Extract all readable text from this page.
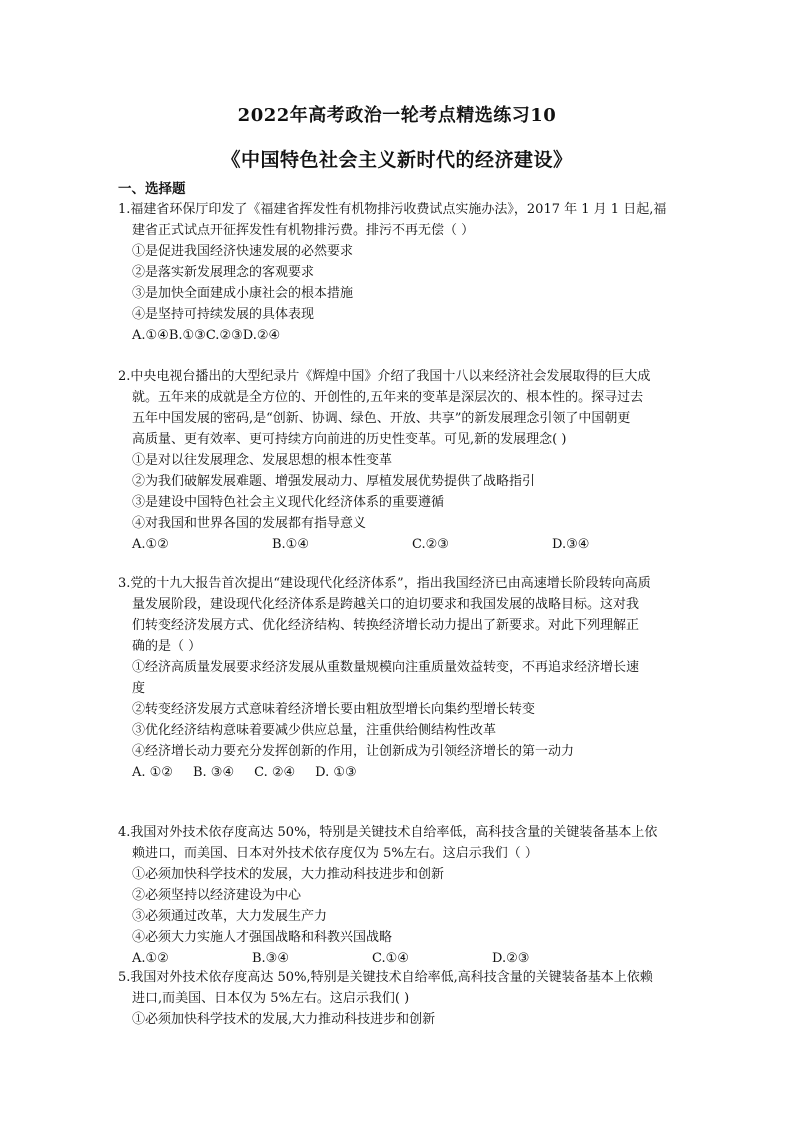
2022年高考政治一轮考点精选练习10
《中国特色社会主义新时代的经济建设》
一、选择题
1.福建省环保厅印发了《福建省挥发性有机物排污收费试点实施办法》，2017 年 1 月 1 日起,福
建省正式试点开征挥发性有机物排污费。排污不再无偿（ ）
①是促进我国经济快速发展的必然要求
②是落实新发展理念的客观要求
③是加快全面建成小康社会的根本措施
④是坚持可持续发展的具体表现
A.①④B.①③C.②③D.②④
2.中央电视台播出的大型纪录片《辉煌中国》介绍了我国十八以来经济社会发展取得的巨大成
就。五年来的成就是全方位的、开创性的,五年来的变革是深层次的、根本性的。探寻过去
五年中国发展的密码,是“创新、协调、绿色、开放、共享”的新发展理念引领了中国朝更
高质量、更有效率、更可持续方向前进的历史性变革。可见,新的发展理念( )
①是对以往发展理念、发展思想的根本性变革
②为我们破解发展难题、增强发展动力、厚植发展优势提供了战略指引
③是建设中国特色社会主义现代化经济体系的重要遵循
④对我国和世界各国的发展都有指导意义
A.①②	B.①④	C.②③	D.③④
3.党的十九大报告首次提出“建设现代化经济体系”，指出我国经济已由高速增长阶段转向高质
量发展阶段，建设现代化经济体系是跨越关口的迫切要求和我国发展的战略目标。这对我
们转变经济发展方式、优化经济结构、转换经济增长动力提出了新要求。对此下列理解正
确的是（ ）
①经济高质量发展要求经济发展从重数量规模向注重质量效益转变，不再追求经济增长速
度
②转变经济发展方式意味着经济增长要由粗放型增长向集约型增长转变
③优化经济结构意味着要减少供应总量，注重供给侧结构性改革
④经济增长动力要充分发挥创新的作用，让创新成为引领经济增长的第一动力
A. ①② B. ③④ C. ②④ D. ①③
4.我国对外技术依存度高达 50%，特别是关键技术自给率低，高科技含量的关键装备基本上依
赖进口，而美国、日本对外技术依存度仅为 5%左右。这启示我们（ ）
①必须加快科学技术的发展，大力推动科技进步和创新
②必须坚持以经济建设为中心
③必须通过改革，大力发展生产力
④必须大力实施人才强国战略和科教兴国战略
A.①②	B.③④	C.①④	D.②③
5.我国对外技术依存度高达 50%,特别是关键技术自给率低,高科技含量的关键装备基本上依赖
进口,而美国、日本仅为 5%左右。这启示我们( )
①必须加快科学技术的发展,大力推动科技进步和创新
